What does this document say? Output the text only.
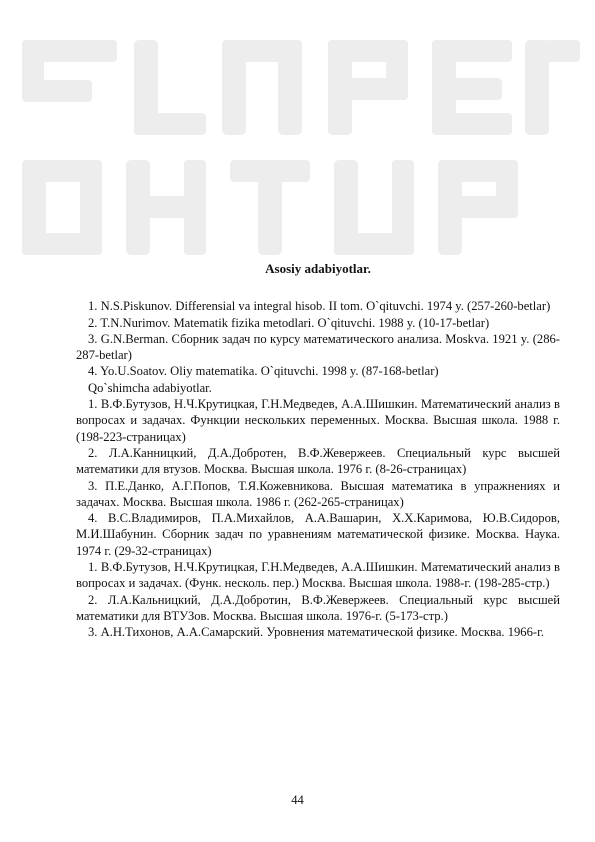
Asosiy adabiyotlar.

1. N.S.Piskunov. Differensial va integral hisob. II tom. O`qituvchi. 1974 y. (257-260-betlar)

2. T.N.Nurimov. Matematik fizika metodlari. O`qituvchi. 1988 y. (10-17-betlar)

3. G.N.Berman. Сборник задач по курсу математического анализа. Moskva. 1921 y. (286-287-betlar)

4. Yo.U.Soatov. Oliy matematika. O`qituvchi. 1998 y. (87-168-betlar)

Qo`shimcha adabiyotlar.

1. В.Ф.Бутузов, Н.Ч.Крутицкая, Г.Н.Медведев, А.А.Шишкин. Математический анализ в вопросах и задачах. Функции нескольких переменных. Москва. Высшая школа. 1988 г. (198-223-страницах)

2. Л.А.Канницкий, Д.А.Добротен, В.Ф.Жевержеев. Специальный курс высшей математики для втузов. Москва. Высшая школа. 1976 г. (8-26-страницах)

3. П.Е.Данко, А.Г.Попов, Т.Я.Кожевникова. Высшая математика в упражнениях и задачах. Москва. Высшая школа. 1986 г. (262-265-страницах)

4. В.С.Владимиров, П.А.Михайлов, А.А.Вашарин, Х.Х.Каримова, Ю.В.Сидоров, М.И.Шабунин. Сборник задач по уравнениям математической физике. Москва. Наука. 1974 г. (29-32-страницах)

1. В.Ф.Бутузов, Н.Ч.Крутицкая, Г.Н.Медведев, А.А.Шишкин. Математический анализ в вопросах и задачах. (Функ. несколь. пер.) Москва. Высшая школа. 1988-г. (198-285-стр.)

2. Л.А.Кальницкий, Д.А.Добротин, В.Ф.Жевержеев. Специальный курс высшей математики для ВТУЗов. Москва. Высшая школа. 1976-г. (5-173-стр.)

3. А.Н.Тихонов, А.А.Самарский. Уровнения математической физике. Москва. 1966-г.

44
